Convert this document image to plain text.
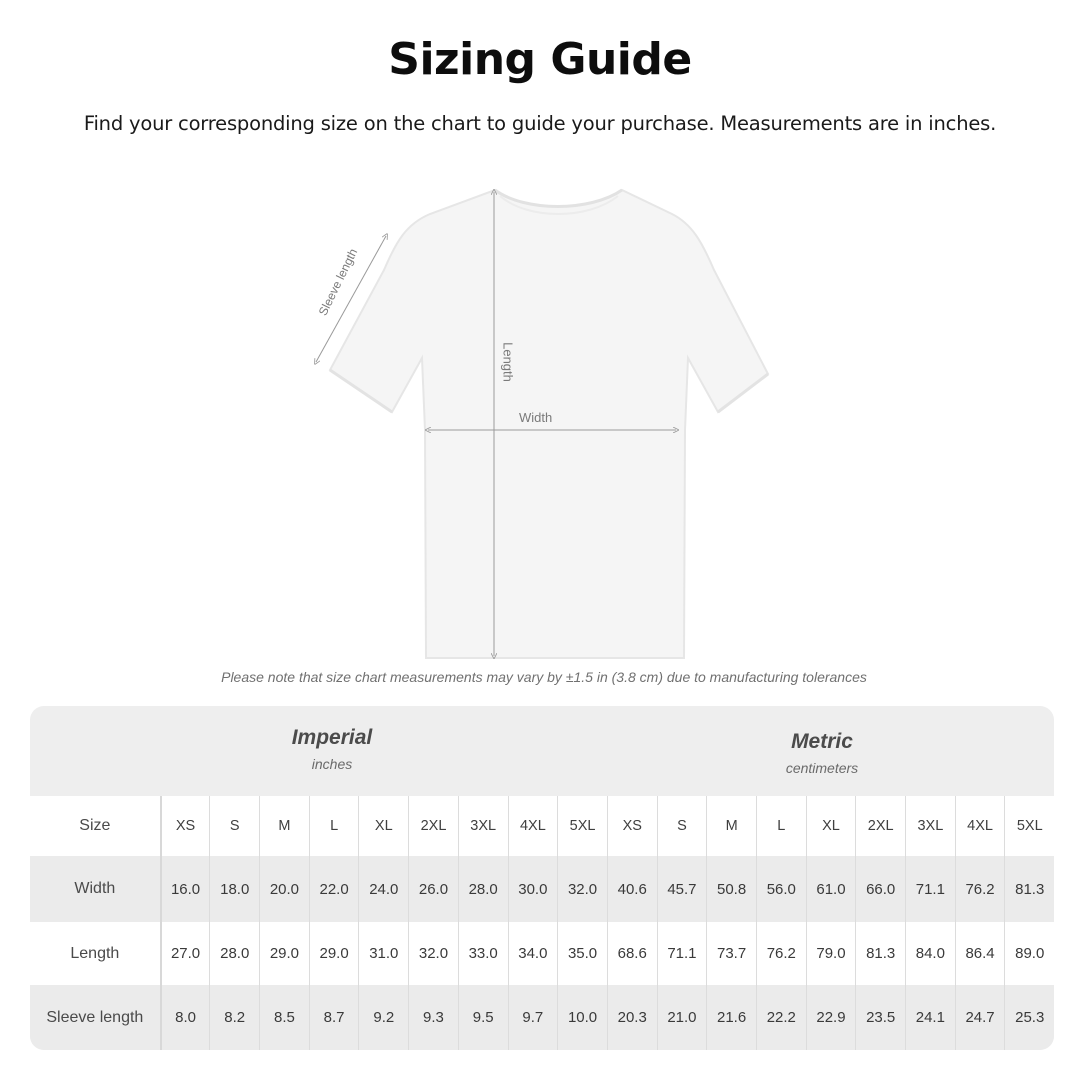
Sizing Guide
Find your corresponding size on the chart to guide your purchase. Measurements are in inches.
Width
Length
Sleeve length
Please note that size chart measurements may vary by ±1.5 in (3.8 cm) due to manufacturing tolerances
Imperial
inches
Metric
centimeters
Size	XS	S	M	L	XL	2XL	3XL	4XL	5XL	XS	S	M	L	XL	2XL	3XL	4XL	5XL
Width	16.0	18.0	20.0	22.0	24.0	26.0	28.0	30.0	32.0	40.6	45.7	50.8	56.0	61.0	66.0	71.1	76.2	81.3
Length	27.0	28.0	29.0	29.0	31.0	32.0	33.0	34.0	35.0	68.6	71.1	73.7	76.2	79.0	81.3	84.0	86.4	89.0
Sleeve length	8.0	8.2	8.5	8.7	9.2	9.3	9.5	9.7	10.0	20.3	21.0	21.6	22.2	22.9	23.5	24.1	24.7	25.3
